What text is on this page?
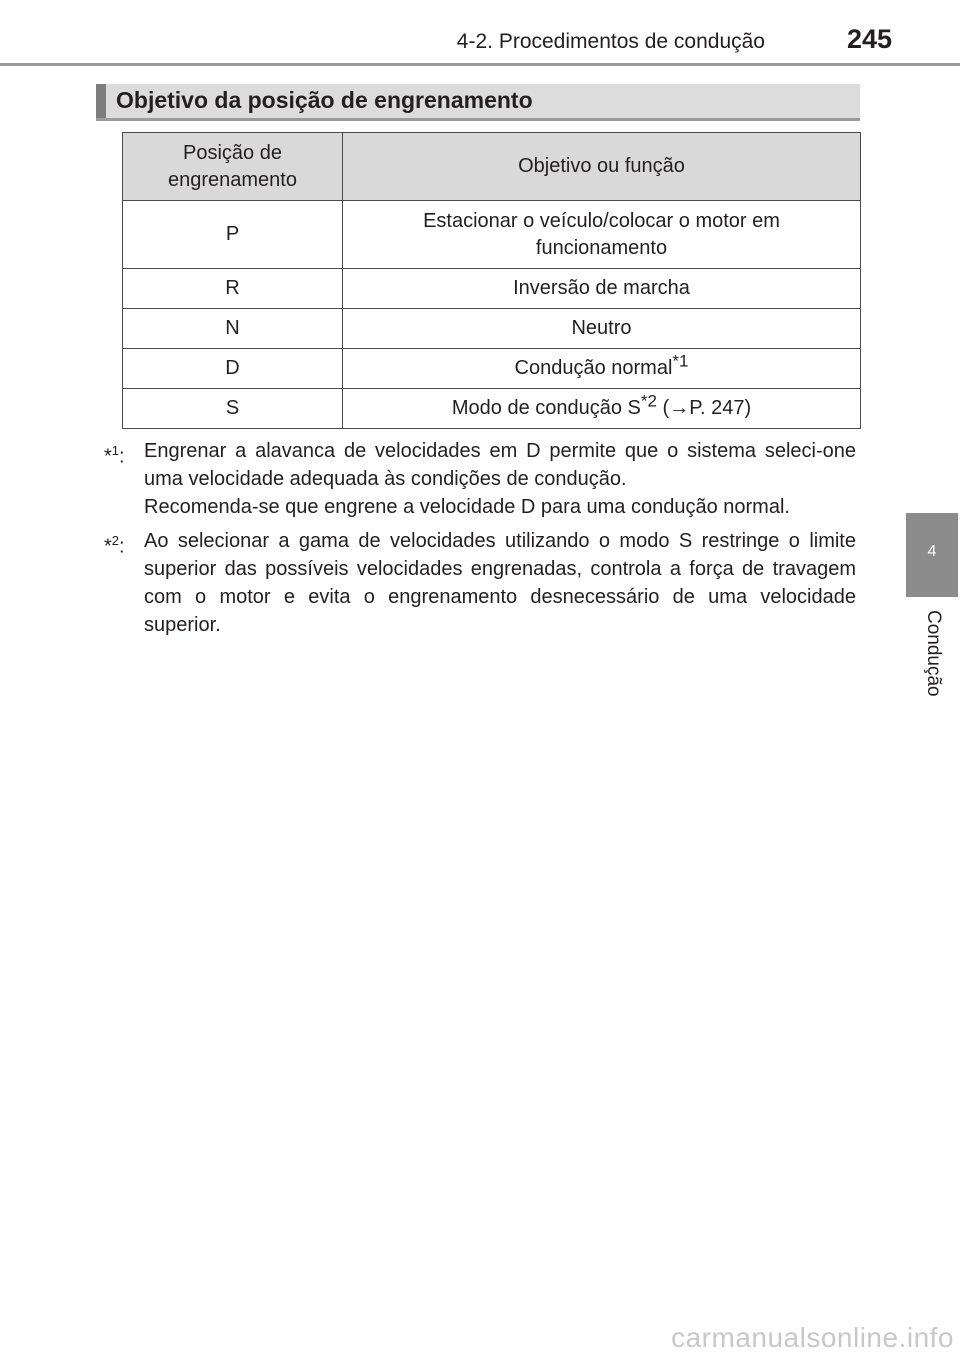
4-2. Procedimentos de condução	245
Objetivo da posição de engrenamento
Posição de engrenamento	Objetivo ou função
P	Estacionar o veículo/colocar o motor em funcionamento
R	Inversão de marcha
N	Neutro
D	Condução normal$^{*1}$
S	Modo de condução $S^{*2}$ (→P. 247)
*$^1$: Engrenar a alavanca de velocidades em D permite que o sistema seleci-one uma velocidade adequada às condições de condução.

Recomenda-se que engrene a velocidade D para uma condução normal.

*$^2$: Ao selecionar a gama de velocidades utilizando o modo S restringe o limite superior das possíveis velocidades engrenadas, controla a força de travagem com o motor e evita o engrenamento desnecessário de uma velocidade superior.

4
Condução
carmanualsonline.info
